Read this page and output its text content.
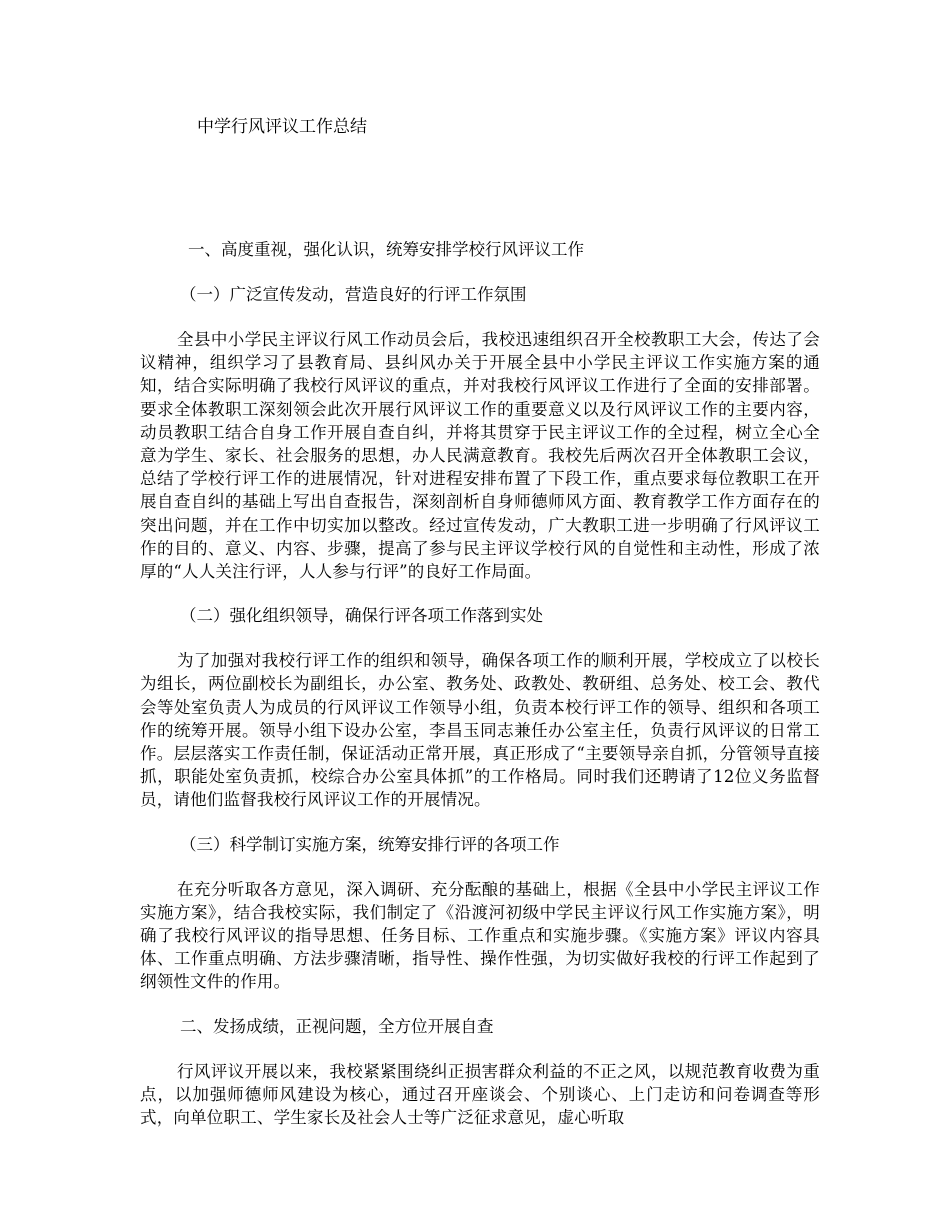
中学行风评议工作总结
一、高度重视，强化认识，统筹安排学校行风评议工作
（一）广泛宣传发动，营造良好的行评工作氛围

全县中小学民主评议行风工作动员会后，我校迅速组织召开全校教职工大会，传达了会议精神，组织学习了县教育局、县纠风办关于开展全县中小学民主评议工作实施方案的通知，结合实际明确了我校行风评议的重点，并对我校行风评议工作进行了全面的安排部署。要求全体教职工深刻领会此次开展行风评议工作的重要意义以及行风评议工作的主要内容，动员教职工结合自身工作开展自查自纠，并将其贯穿于民主评议工作的全过程，树立全心全意为学生、家长、社会服务的思想，办人民满意教育。我校先后两次召开全体教职工会议，总结了学校行评工作的进展情况，针对进程安排布置了下段工作，重点要求每位教职工在开展自查自纠的基础上写出自查报告，深刻剖析自身师德师风方面、教育教学工作方面存在的突出问题，并在工作中切实加以整改。经过宣传发动，广大教职工进一步明确了行风评议工作的目的、意义、内容、步骤，提高了参与民主评议学校行风的自觉性和主动性，形成了浓厚的“人人关注行评，人人参与行评”的良好工作局面。

（二）强化组织领导，确保行评各项工作落到实处

为了加强对我校行评工作的组织和领导，确保各项工作的顺利开展，学校成立了以校长为组长，两位副校长为副组长，办公室、教务处、政教处、教研组、总务处、校工会、教代会等处室负责人为成员的行风评议工作领导小组，负责本校行评工作的领导、组织和各项工作的统筹开展。领导小组下设办公室，李昌玉同志兼任办公室主任，负责行风评议的日常工作。层层落实工作责任制，保证活动正常开展，真正形成了“主要领导亲自抓，分管领导直接抓，职能处室负责抓，校综合办公室具体抓”的工作格局。同时我们还聘请了12位义务监督员，请他们监督我校行风评议工作的开展情况。

（三）科学制订实施方案，统筹安排行评的各项工作

在充分听取各方意见，深入调研、充分酝酿的基础上，根据《全县中小学民主评议工作实施方案》，结合我校实际，我们制定了《沿渡河初级中学民主评议行风工作实施方案》，明确了我校行风评议的指导思想、任务目标、工作重点和实施步骤。《实施方案》评议内容具体、工作重点明确、方法步骤清晰，指导性、操作性强，为切实做好我校的行评工作起到了纲领性文件的作用。

二、发扬成绩，正视问题，全方位开展自查

行风评议开展以来，我校紧紧围绕纠正损害群众利益的不正之风，以规范教育收费为重点，以加强师德师风建设为核心，通过召开座谈会、个别谈心、上门走访和问卷调查等形式，向单位职工、学生家长及社会人士等广泛征求意见，虚心听取
